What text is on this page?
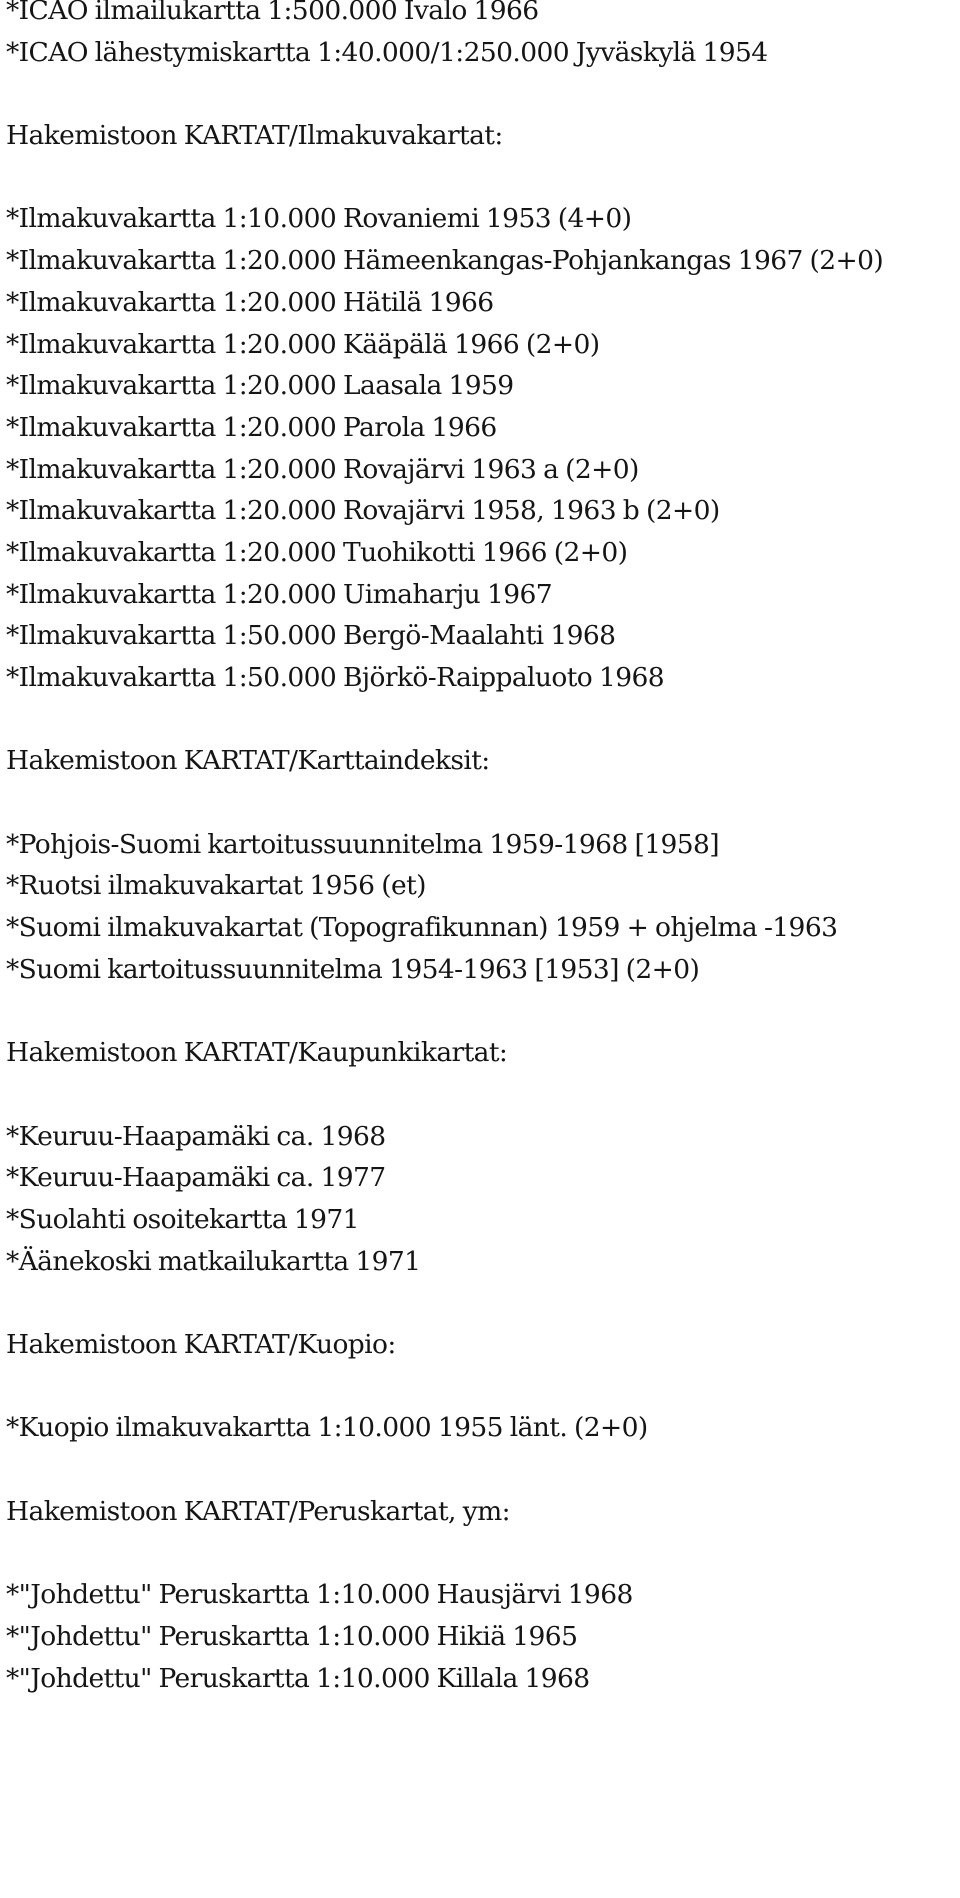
*ICAO ilmailukartta 1:500.000 Ivalo 1966
*ICAO lähestymiskartta 1:40.000/1:250.000 Jyväskylä 1954
Hakemistoon KARTAT/Ilmakuvakartat:
*Ilmakuvakartta 1:10.000 Rovaniemi 1953 (4+0)
*Ilmakuvakartta 1:20.000 Hämeenkangas-Pohjankangas 1967 (2+0)
*Ilmakuvakartta 1:20.000 Hätilä 1966
*Ilmakuvakartta 1:20.000 Kääpälä 1966 (2+0)
*Ilmakuvakartta 1:20.000 Laasala 1959
*Ilmakuvakartta 1:20.000 Parola 1966
*Ilmakuvakartta 1:20.000 Rovajärvi 1963 a (2+0)
*Ilmakuvakartta 1:20.000 Rovajärvi 1958, 1963 b (2+0)
*Ilmakuvakartta 1:20.000 Tuohikotti 1966 (2+0)
*Ilmakuvakartta 1:20.000 Uimaharju 1967
*Ilmakuvakartta 1:50.000 Bergö-Maalahti 1968
*Ilmakuvakartta 1:50.000 Björkö-Raippaluoto 1968
Hakemistoon KARTAT/Karttaindeksit:
*Pohjois-Suomi kartoitussuunnitelma 1959-1968 [1958]
*Ruotsi ilmakuvakartat 1956 (et)
*Suomi ilmakuvakartat (Topografikunnan) 1959 + ohjelma -1963
*Suomi kartoitussuunnitelma 1954-1963 [1953] (2+0)
Hakemistoon KARTAT/Kaupunkikartat:
*Keuruu-Haapamäki ca. 1968
*Keuruu-Haapamäki ca. 1977
*Suolahti osoitekartta 1971
*Äänekoski matkailukartta 1971
Hakemistoon KARTAT/Kuopio:
*Kuopio ilmakuvakartta 1:10.000 1955 länt. (2+0)
Hakemistoon KARTAT/Peruskartat, ym:
*"Johdettu" Peruskartta 1:10.000 Hausjärvi 1968
*"Johdettu" Peruskartta 1:10.000 Hikiä 1965
*"Johdettu" Peruskartta 1:10.000 Killala 1968
